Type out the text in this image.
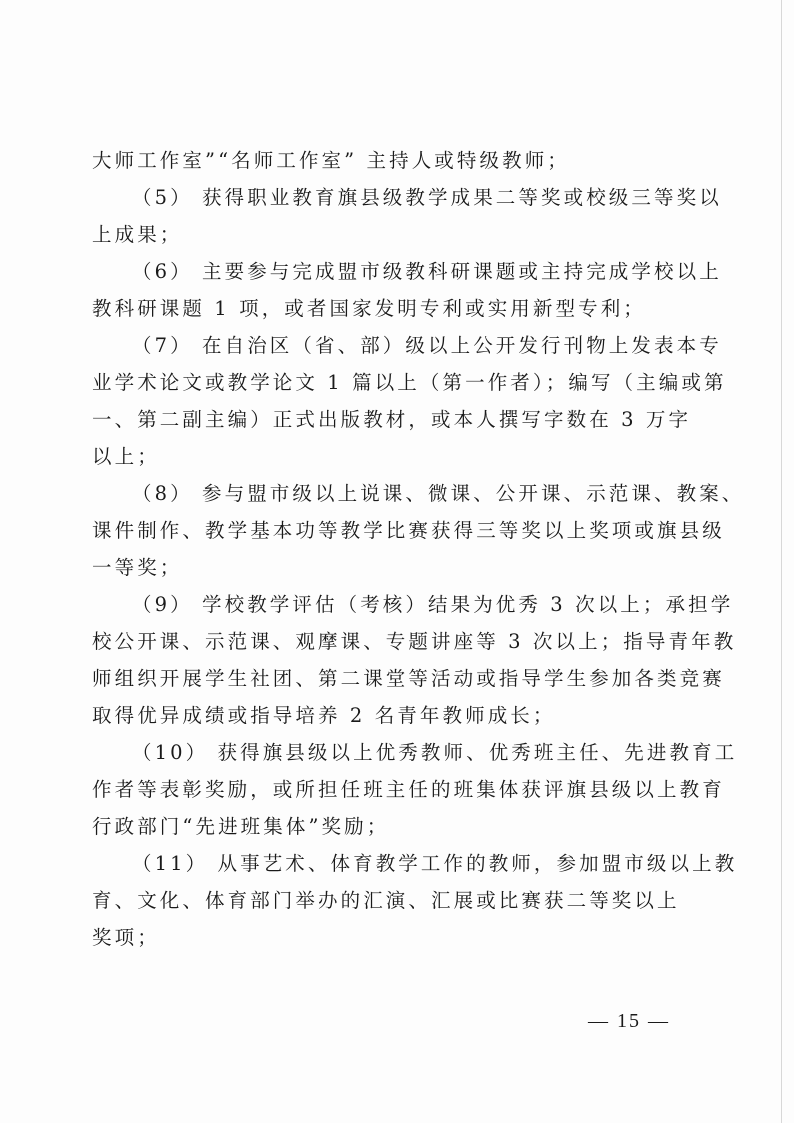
大师工作室”“名师工作室” 主持人或特级教师；
（5） 获得职业教育旗县级教学成果二等奖或校级三等奖以
上成果；
（6） 主要参与完成盟市级教科研课题或主持完成学校以上
教科研课题 1 项，或者国家发明专利或实用新型专利；
（7） 在自治区（省、部）级以上公开发行刊物上发表本专
业学术论文或教学论文 1 篇以上（第一作者）；编写（主编或第
一、第二副主编）正式出版教材，或本人撰写字数在 3 万字
以上；
（8） 参与盟市级以上说课、微课、公开课、示范课、教案、
课件制作、教学基本功等教学比赛获得三等奖以上奖项或旗县级
一等奖；
（9） 学校教学评估（考核）结果为优秀 3 次以上；承担学
校公开课、示范课、观摩课、专题讲座等 3 次以上；指导青年教
师组织开展学生社团、第二课堂等活动或指导学生参加各类竞赛
取得优异成绩或指导培养 2 名青年教师成长；
（10） 获得旗县级以上优秀教师、优秀班主任、先进教育工
作者等表彰奖励，或所担任班主任的班集体获评旗县级以上教育
行政部门“先进班集体”奖励；
（11） 从事艺术、体育教学工作的教师，参加盟市级以上教
育、文化、体育部门举办的汇演、汇展或比赛获二等奖以上
奖项；
— 15 —
